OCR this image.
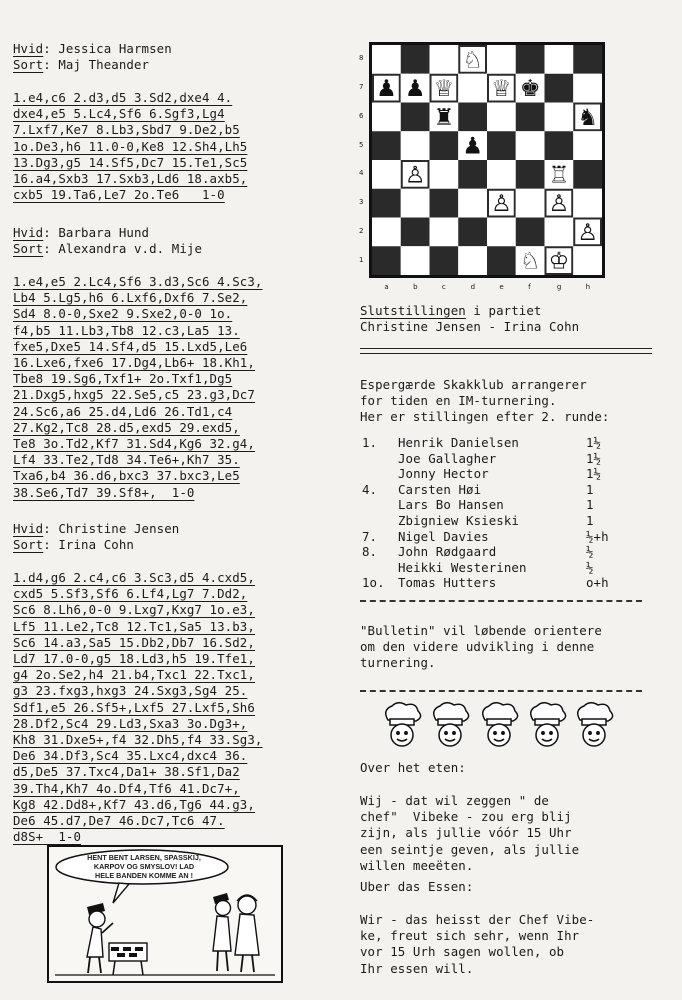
Hvid: Jessica Harmsen
Sort: Maj Theander
1.e4,c6 2.d3,d5 3.Sd2,dxe4 4.
dxe4,e5 5.Lc4,Sf6 6.Sgf3,Lg4
7.Lxf7,Ke7 8.Lb3,Sbd7 9.De2,b5
1o.De3,h6 11.0-0,Ke8 12.Sh4,Lh5
13.Dg3,g5 14.Sf5,Dc7 15.Te1,Sc5
16.a4,Sxb3 17.Sxb3,Ld6 18.axb5,
cxb5 19.Ta6,Le7 2o.Te6   1-0
Hvid: Barbara Hund
Sort: Alexandra v.d. Mije
1.e4,e5 2.Lc4,Sf6 3.d3,Sc6 4.Sc3,
Lb4 5.Lg5,h6 6.Lxf6,Dxf6 7.Se2,
Sd4 8.0-0,Sxe2 9.Sxe2,0-0 1o.
f4,b5 11.Lb3,Tb8 12.c3,La5 13.
fxe5,Dxe5 14.Sf4,d5 15.Lxd5,Le6
16.Lxe6,fxe6 17.Dg4,Lb6+ 18.Kh1,
Tbe8 19.Sg6,Txf1+ 2o.Txf1,Dg5
21.Dxg5,hxg5 22.Se5,c5 23.g3,Dc7
24.Sc6,a6 25.d4,Ld6 26.Td1,c4
27.Kg2,Tc8 28.d5,exd5 29.exd5,
Te8 3o.Td2,Kf7 31.Sd4,Kg6 32.g4,
Lf4 33.Te2,Td8 34.Te6+,Kh7 35.
Txa6,b4 36.d6,bxc3 37.bxc3,Le5
38.Se6,Td7 39.Sf8+,  1-0
Hvid: Christine Jensen
Sort: Irina Cohn
1.d4,g6 2.c4,c6 3.Sc3,d5 4.cxd5,
cxd5 5.Sf3,Sf6 6.Lf4,Lg7 7.Dd2,
Sc6 8.Lh6,0-0 9.Lxg7,Kxg7 1o.e3,
Lf5 11.Le2,Tc8 12.Tc1,Sa5 13.b3,
Sc6 14.a3,Sa5 15.Db2,Db7 16.Sd2,
Ld7 17.0-0,g5 18.Ld3,h5 19.Tfe1,
g4 2o.Se2,h4 21.b4,Txc1 22.Txc1,
g3 23.fxg3,hxg3 24.Sxg3,Sg4 25.
Sdf1,e5 26.Sf5+,Lxf5 27.Lxf5,Sh6
28.Df2,Sc4 29.Ld3,Sxa3 3o.Dg3+,
Kh8 31.Dxe5+,f4 32.Dh5,f4 33.Sg3,
De6 34.Df3,Sc4 35.Lxc4,dxc4 36.
d5,De5 37.Txc4,Da1+ 38.Sf1,Da2
39.Th4,Kh7 4o.Df4,Tf6 41.Dc7+,
Kg8 42.Dd8+,Kf7 43.d6,Tg6 44.g3,
De6 45.d7,De7 46.Dc7,Tc6 47.
d8S+  1-0
HENT BENT LARSEN, SPASSKIJ,
KARPOV OG SMYSLOV! LAD
HELE BANDEN KOMME AN !
8
7
6
5
4
3
2
1
♘
♟ ♟ ♕ ♕ ♚
♜	♞
♟
♙	♖
♙ ♙
♙
♘ ♔
a	b	c	d	e	f	g	h
Slutstillingen i partiet
Christine Jensen - Irina Cohn
Espergærde Skakklub arrangerer
for tiden en IM-turnering.
Her er stillingen efter 2. runde:
1. Henrik Danielsen	1½
Joe Gallagher	1½
Jonny Hector	1½
4. Carsten Høi	1
Lars Bo Hansen	1
Zbigniew Ksieski	1
7. Nigel Davies	½+h
8. John Rødgaard	½
Heikki Westerinen	½
1o. Tomas Hutters	o+h
"Bulletin" vil løbende orientere
om den videre udvikling i denne
turnering.
Over het eten:
Wij - dat wil zeggen " de
chef"  Vibeke - zou erg blij
zijn, als jullie vóór 15 Uhr
een seintje geven, als jullie
willen meeëten.
Uber das Essen:
Wir - das heisst der Chef Vibe-
ke, freut sich sehr, wenn Ihr
vor 15 Urh sagen wollen, ob
Ihr essen will.
